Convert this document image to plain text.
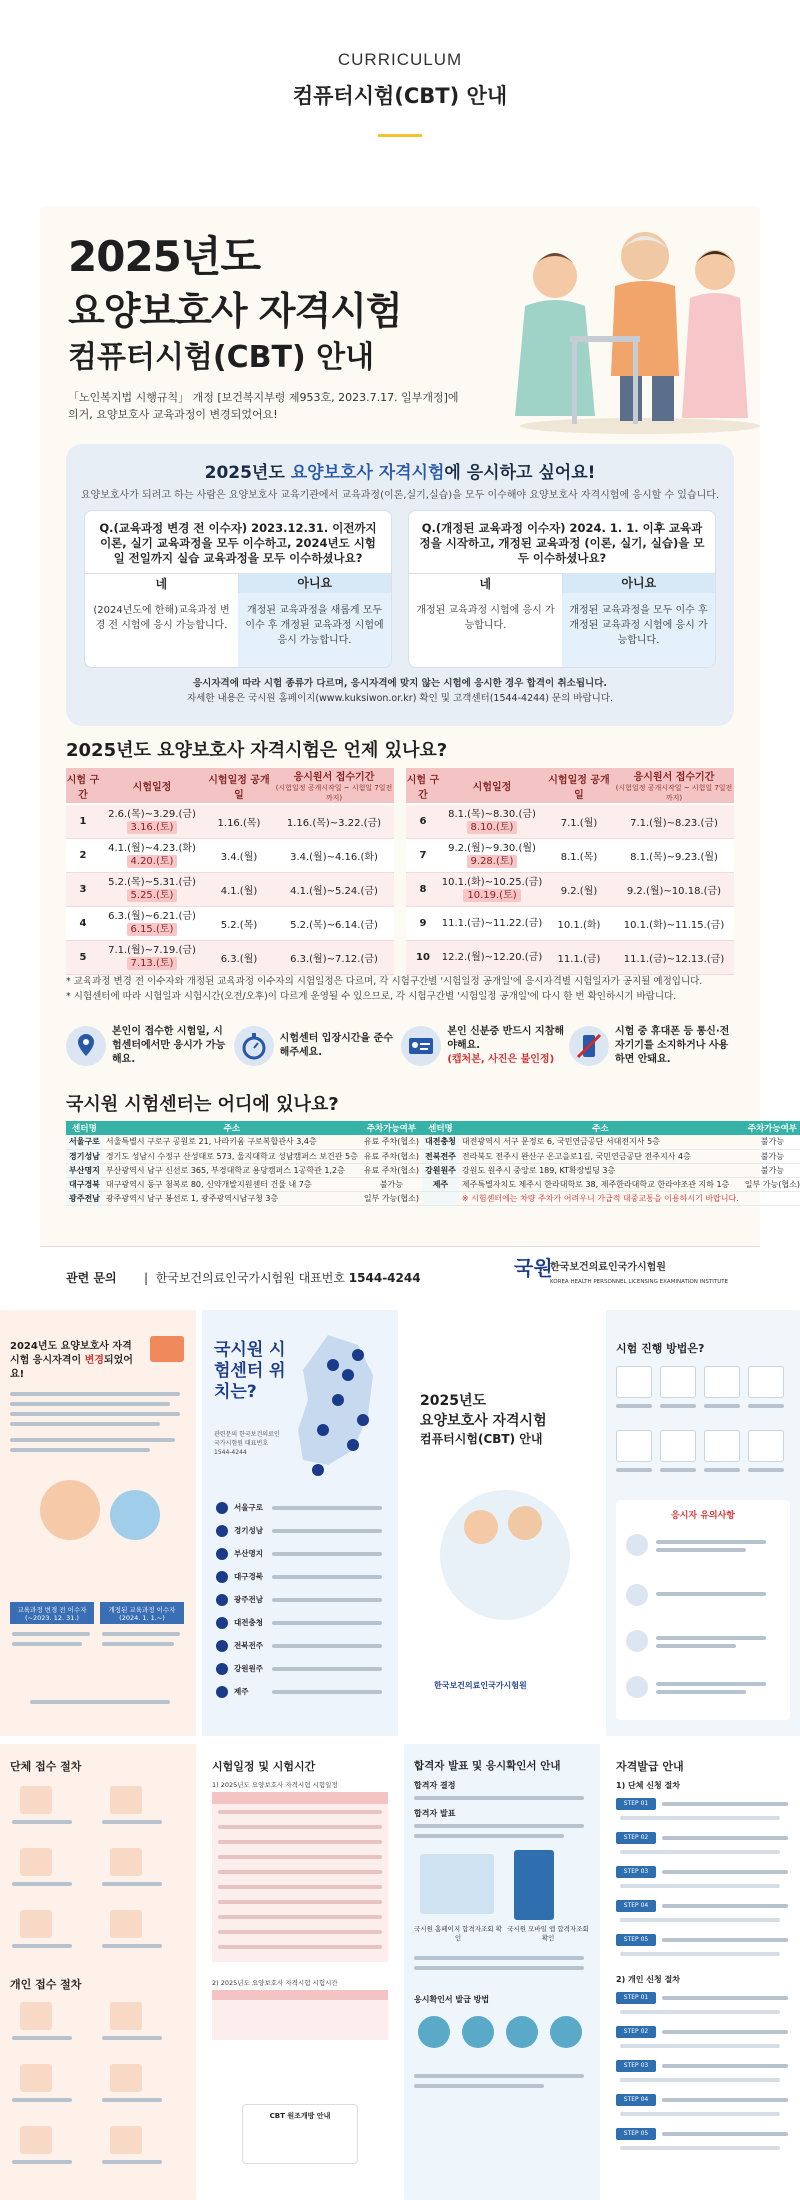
CURRICULUM
컴퓨터시험(CBT) 안내
2025년도
요양보호사 자격시험
컴퓨터시험(CBT) 안내
「노인복지법 시행규칙」 개정 [보건복지부령 제953호, 2023.7.17. 일부개정]에 의거, 요양보호사 교육과정이 변경되었어요!
2025년도 요양보호사 자격시험에 응시하고 싶어요!
요양보호사가 되려고 하는 사람은 요양보호사 교육기관에서 교육과정(이론,실기,실습)을 모두 이수해야 요양보호사 자격시험에 응시할 수 있습니다.
Q.(교육과정 변경 전 이수자) 2023.12.31. 이전까지 이론, 실기 교육과정을 모두 이수하고, 2024년도 시험일 전일까지 실습 교육과정을 모두 이수하셨나요?
네	아니요
(2024년도에 한해)교육과정 변경 전 시험에 응시 가능합니다.
개정된 교육과정을 새롭게 모두 이수 후 개정된 교육과정 시험에 응시 가능합니다.
Q.(개정된 교육과정 이수자) 2024. 1. 1. 이후 교육과정을 시작하고, 개정된 교육과정 (이론, 실기, 실습)을 모두 이수하셨나요?
네	아니요
개정된 교육과정 시험에 응시 가능합니다.
개정된 교육과정을 모두 이수 후 개정된 교육과정 시험에 응시 가능합니다.
응시자격에 따라 시험 종류가 다르며, 응시자격에 맞지 않는 시험에 응시한 경우 합격이 취소됩니다.
자세한 내용은 국시원 홈페이지(www.kuksiwon.or.kr) 확인 및 고객센터(1544-4244) 문의 바랍니다.
2025년도 요양보호사 자격시험은 언제 있나요?
시험 구간	시험일정	시험일정 공개일	응시원서 접수기간
(시험일정 공개시작일 ~ 시험일 7일전까지)

1	2.6.(목)~3.29.(금)
3.16.(토)	1.16.(목)	1.16.(목)~3.22.(금)
2	4.1.(월)~4.23.(화)
4.20.(토)	3.4.(월)	3.4.(월)~4.16.(화)
3	5.2.(목)~5.31.(금)
5.25.(토)	4.1.(월)	4.1.(월)~5.24.(금)
4	6.3.(월)~6.21.(금)
6.15.(토)	5.2.(목)	5.2.(목)~6.14.(금)
5	7.1.(월)~7.19.(금)
7.13.(토)	6.3.(월)	6.3.(월)~7.12.(금)
시험 구간	시험일정	시험일정 공개일	응시원서 접수기간
(시험일정 공개시작일 ~ 시험일 7일전까지)

6	8.1.(목)~8.30.(금)
8.10.(토)	7.1.(월)	7.1.(월)~8.23.(금)
7	9.2.(월)~9.30.(월)
9.28.(토)	8.1.(목)	8.1.(목)~9.23.(월)
8	10.1.(화)~10.25.(금)
10.19.(토)	9.2.(월)	9.2.(월)~10.18.(금)
9	11.1.(금)~11.22.(금)	10.1.(화)	10.1.(화)~11.15.(금)
10	12.2.(월)~12.20.(금)	11.1.(금)	11.1.(금)~12.13.(금)
* 교육과정 변경 전 이수자와 개정된 교육과정 이수자의 시험일정은 다르며, 각 시험구간별 '시험일정 공개일'에 응시자격별 시험일자가 공지될 예정입니다.
* 시험센터에 따라 시험일과 시험시간(오전/오후)이 다르게 운영될 수 있으므로, 각 시험구간별 '시험일정 공개일'에 다시 한 번 확인하시기 바랍니다.
본인이 접수한 시험일, 시험센터에서만 응시가 가능해요.
시험센터 입장시간을 준수해주세요.
본인 신분증 반드시 지참해야해요.
(캡처본, 사진은 불인정)
시험 중 휴대폰 등 통신·전자기기를 소지하거나 사용하면 안돼요.
국시원 시험센터는 어디에 있나요?
센터명	주소	주차가능여부	센터명	주소	주차가능여부
서울구로	서울특별시 구로구 공원로 21, 나라키움 구로복합관사 3,4층	유료 주차(협소)	대전충청	대전광역시 서구 문정로 6, 국민연금공단 서대전지사 5층	불가능
경기성남	경기도 성남시 수정구 산성대로 573, 울지대학교 성남캠퍼스 보건관 5층	유료 주차(협소)	전북전주	전라북도 전주시 완산구 온고을로1길, 국민연금공단 전주지사 4층	불가능
부산명지	부산광역시 남구 신선로 365, 부경대학교 용당캠퍼스 1공학관 1,2층	유료 주차(협소)	강원원주	강원도 원주시 중앙로 189, KT확장빌딩 3층	불가능
대구경북	대구광역시 동구 첨복로 80, 신약개발지원센터 건물 내 7층	불가능	제주	제주특별자치도 제주시 한라대학로 38, 제주한라대학교 한라야조관 지하 1층	일부 가능(협소)
광주전남	광주광역시 남구 봉선로 1, 광주광역시남구청 3층	일부 가능(협소)		※ 시험센터에는 차량 주차가 어려우니 가급적 대중교통을 이용하시기 바랍니다.	
관련 문의 | 한국보건의료인국가시험원 대표번호 1544-4244	국원
한국보건의료인국가시험원
KOREA HEALTH PERSONNEL LICENSING EXAMINATION INSTITUTE
2024년도 요양보호사 자격시험 응시자격이 변경되었어요!
교육과정 변경 전 이수자 (~2023. 12. 31.)
개정된 교육과정 이수자 (2024. 1. 1.~)
국시원 시험센터 위치는?
관련문의 한국보건의료인국가시험원 대표번호 1544-4244
서울구로
경기성남
부산명지
대구경북
광주전남
대전충청
전북전주
강원원주
제주
2025년도
요양보호사 자격시험
컴퓨터시험(CBT) 안내
한국보건의료인국가시험원
시험 진행 방법은?
응시자 유의사항
단체 접수 절차
개인 접수 절차
시험일정 및 시험시간
1) 2025년도 요양보호사 자격시험 시험일정
2) 2025년도 요양보호사 자격시험 시험시간
CBT 원조개방 안내
합격자 발표 및 응시확인서 안내
합격자 결정
합격자 발표
국시원 홈페이지 합격자조회 확인
국시원 모바일 앱 합격자조회 확인
응시확인서 발급 방법
자격발급 안내
1) 단체 신청 절차
STEP 01
STEP 02
STEP 03
STEP 04
STEP 05
2) 개인 신청 절차
STEP 01
STEP 02
STEP 03
STEP 04
STEP 05
